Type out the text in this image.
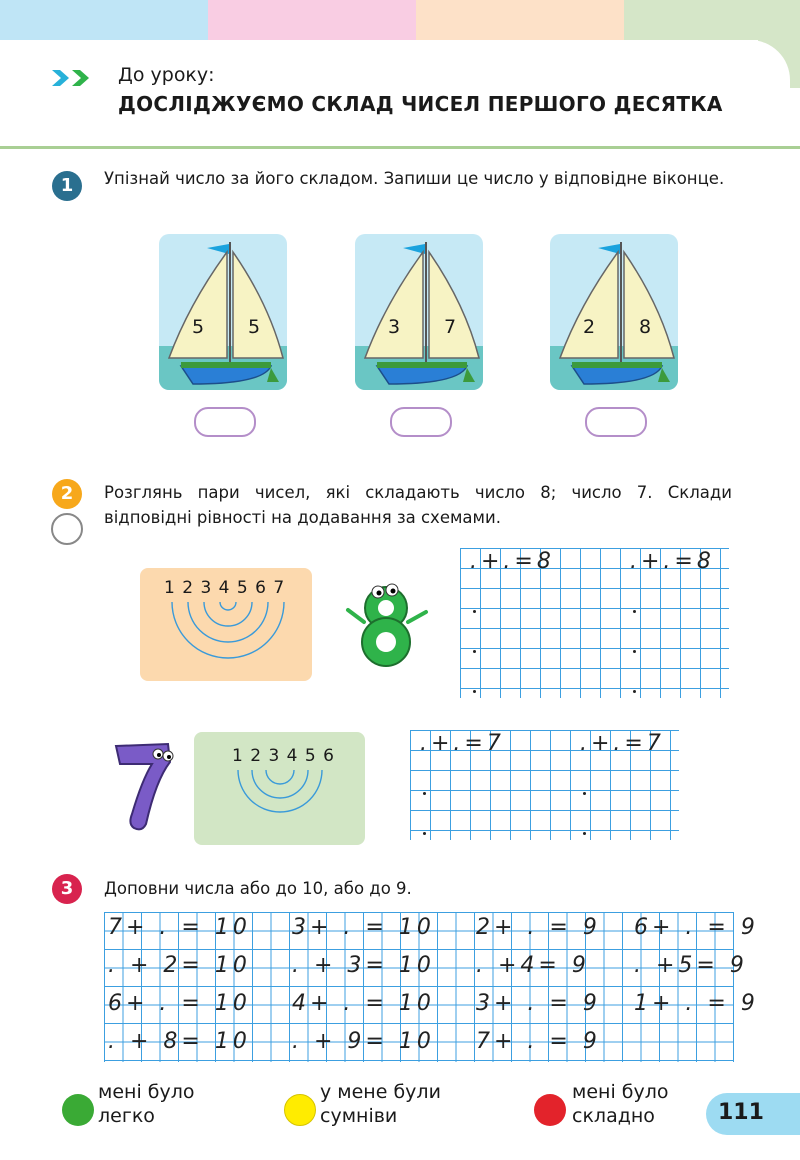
До уроку:
ДОСЛІДЖУЄМО СКЛАД ЧИСЕЛ ПЕРШОГО ДЕСЯТКА
1	Упізнай число за його складом. Запиши це число у відповідне віконце.
5 5	3 7	2 8
2	Розглянь пари чисел, які складають число 8; число 7. Склади відповідні рівності на додавання за схемами.
1 2 3 4 5 6 7
.+.=8	.+.=8
1 2 3 4 5 6	.+.=7	.+.=7
3	Доповни числа або до 10, або до 9.
7+ . = 10 3+ . = 10 2+ . = 9 6+ . = 9
. + 2= 10 . + 3= 10 . +4= 9 . +5= 9
6+ . = 10 4+ . = 10 3+ . = 9 1+ . = 9
. + 8= 10 . + 9= 10 7+ . = 9
мені було
легко
у мене були
сумніви
мені було
складно	111
